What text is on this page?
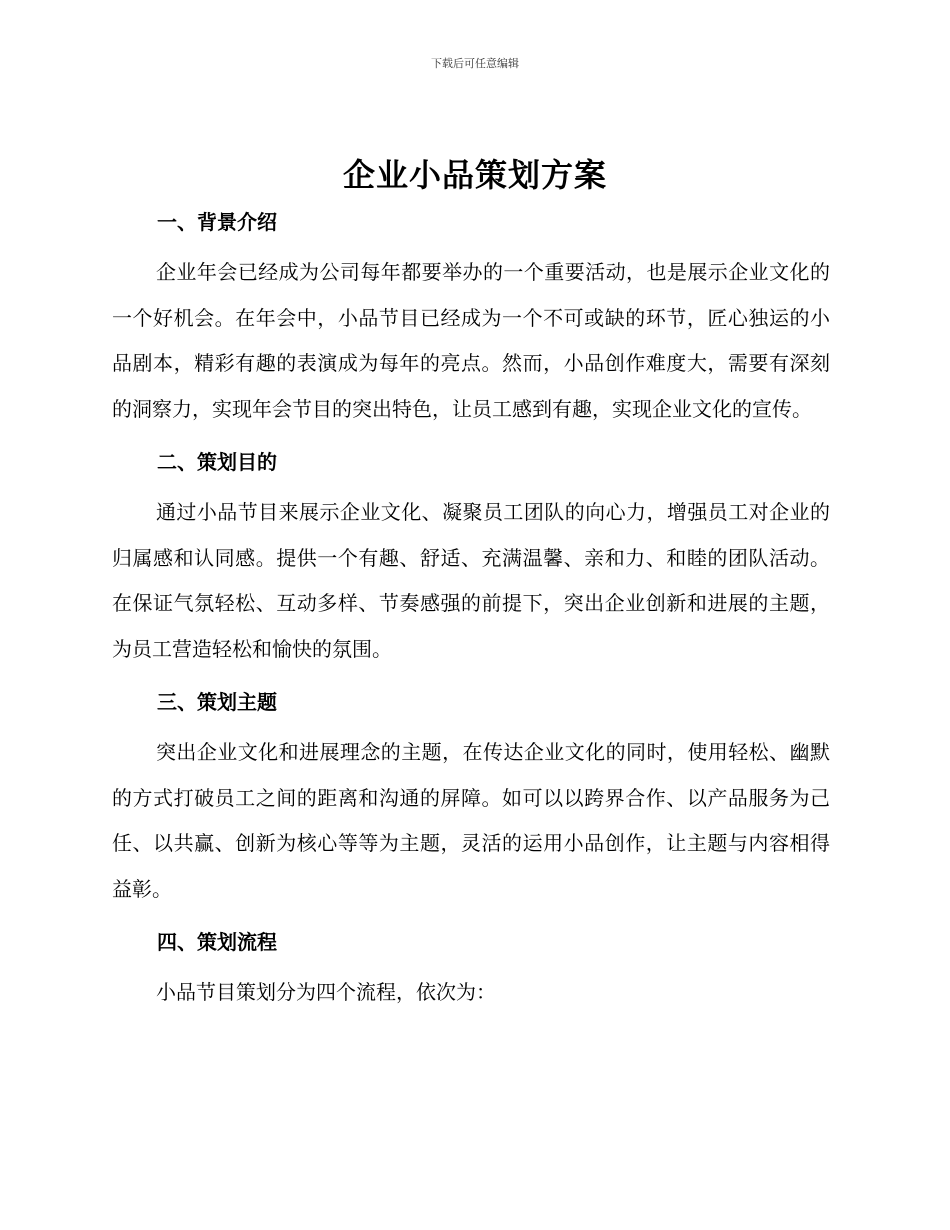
下载后可任意编辑
企业小品策划方案
一、背景介绍

企业年会已经成为公司每年都要举办的一个重要活动，也是展示企业文化的一个好机会。在年会中，小品节目已经成为一个不可或缺的环节，匠心独运的小品剧本，精彩有趣的表演成为每年的亮点。然而，小品创作难度大，需要有深刻的洞察力，实现年会节目的突出特色，让员工感到有趣，实现企业文化的宣传。

二、策划目的

通过小品节目来展示企业文化、凝聚员工团队的向心力，增强员工对企业的归属感和认同感。提供一个有趣、舒适、充满温馨、亲和力、和睦的团队活动。在保证气氛轻松、互动多样、节奏感强的前提下，突出企业创新和进展的主题，为员工营造轻松和愉快的氛围。

三、策划主题

突出企业文化和进展理念的主题，在传达企业文化的同时，使用轻松、幽默的方式打破员工之间的距离和沟通的屏障。如可以以跨界合作、以产品服务为己任、以共赢、创新为核心等等为主题，灵活的运用小品创作，让主题与内容相得益彰。

四、策划流程

小品节目策划分为四个流程，依次为：
